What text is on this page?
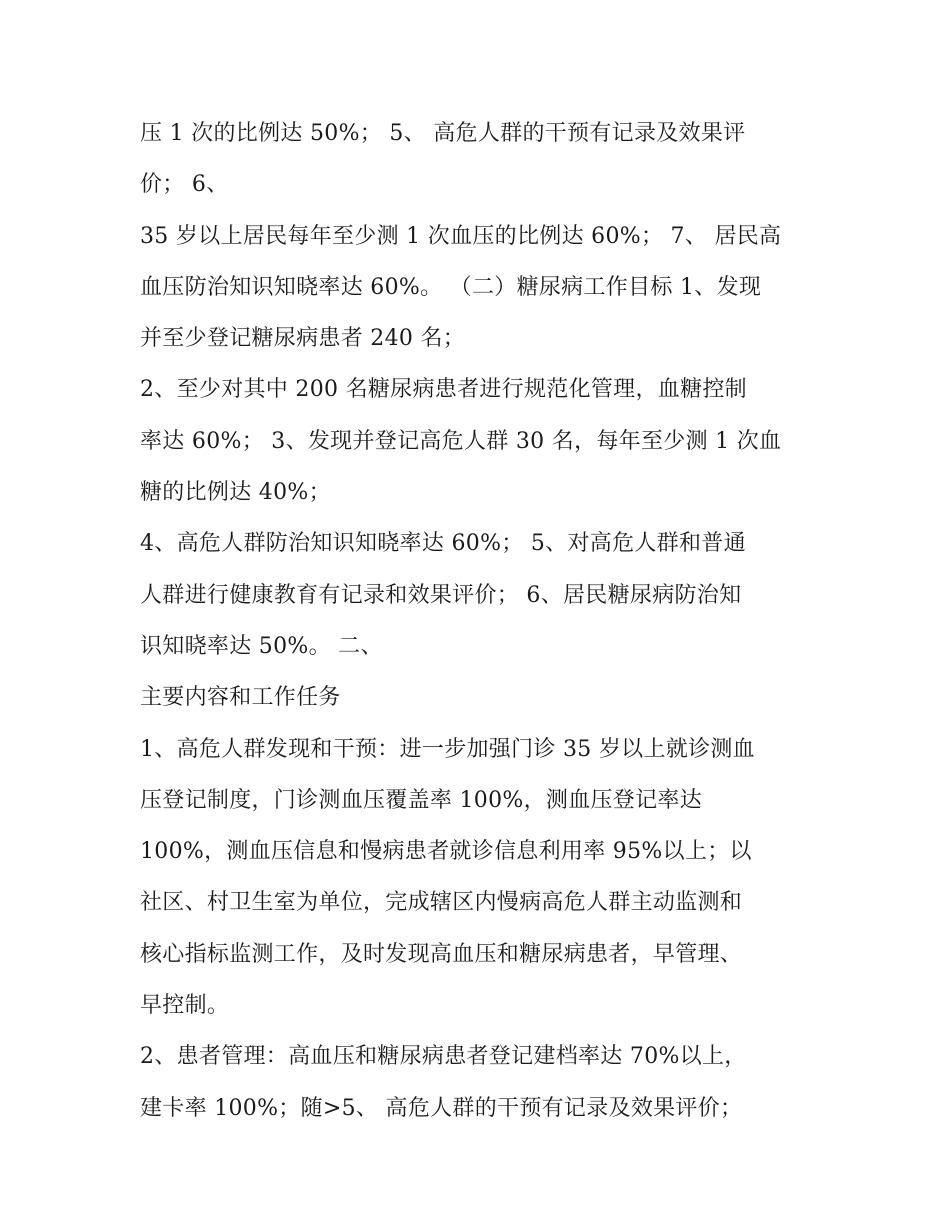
压 1 次的比例达 50%； 5、 高危人群的干预有记录及效果评
价； 6、
35 岁以上居民每年至少测 1 次血压的比例达 60%； 7、 居民高
血压防治知识知晓率达 60%。 （二）糖尿病工作目标 1、发现
并至少登记糖尿病患者 240 名；
2、至少对其中 200 名糖尿病患者进行规范化管理，血糖控制
率达 60%； 3、发现并登记高危人群 30 名，每年至少测 1 次血
糖的比例达 40%；
4、高危人群防治知识知晓率达 60%； 5、对高危人群和普通
人群进行健康教育有记录和效果评价； 6、居民糖尿病防治知
识知晓率达 50%。 二、
主要内容和工作任务
1、高危人群发现和干预：进一步加强门诊 35 岁以上就诊测血
压登记制度，门诊测血压覆盖率 100%，测血压登记率达
100%，测血压信息和慢病患者就诊信息利用率 95%以上；以
社区、村卫生室为单位，完成辖区内慢病高危人群主动监测和
核心指标监测工作，及时发现高血压和糖尿病患者，早管理、
早控制。
2、患者管理：高血压和糖尿病患者登记建档率达 70%以上，
建卡率 100%；随>5、 高危人群的干预有记录及效果评价；
